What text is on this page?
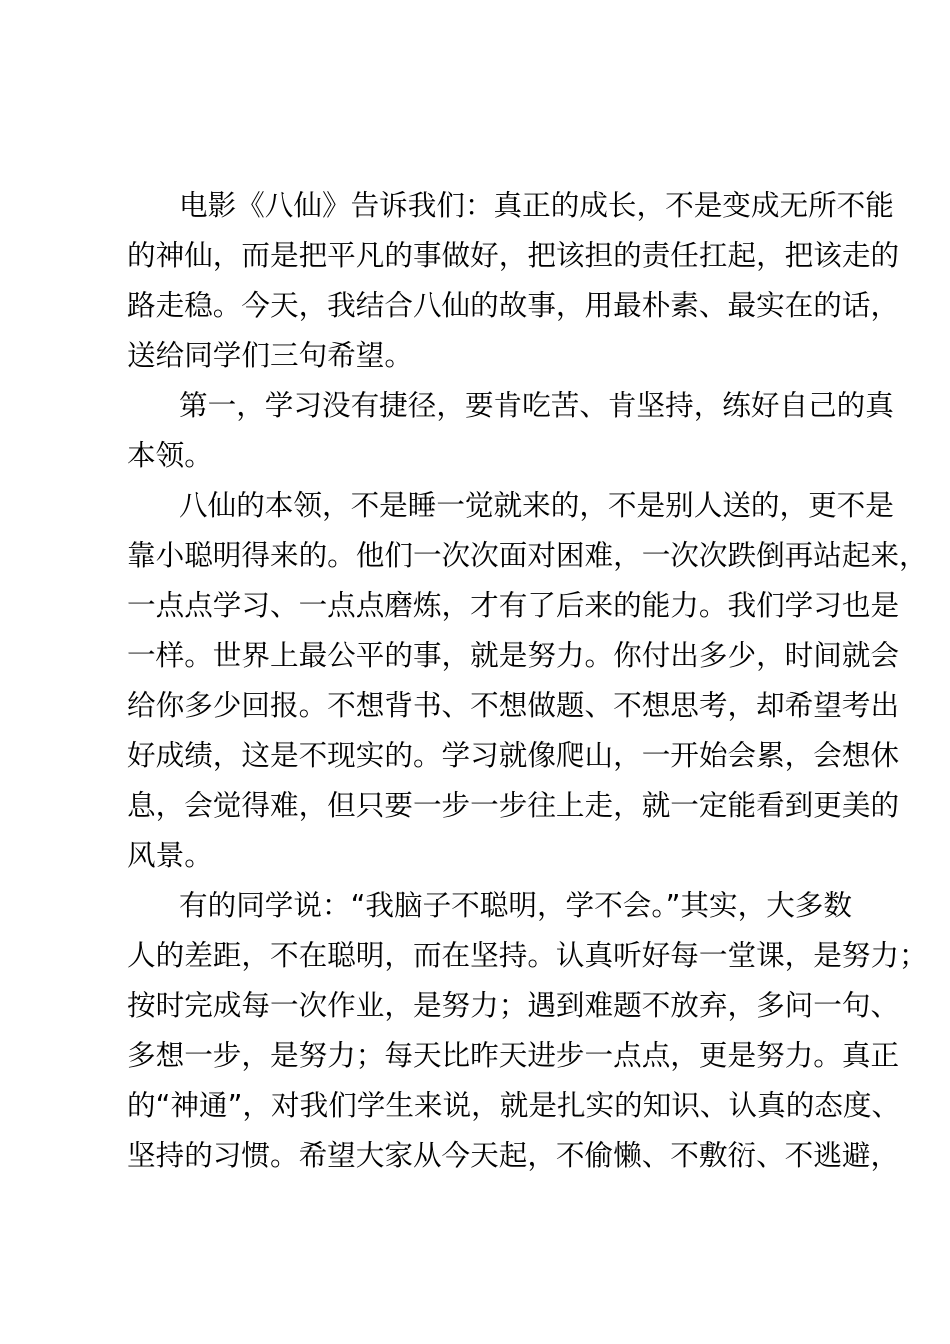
电影《八仙》告诉我们：真正的成长，不是变成无所不能
的神仙，而是把平凡的事做好，把该担的责任扛起，把该走的
路走稳。今天，我结合八仙的故事，用最朴素、最实在的话，
送给同学们三句希望。
第一，学习没有捷径，要肯吃苦、肯坚持，练好自己的真
本领。
八仙的本领，不是睡一觉就来的，不是别人送的，更不是
靠小聪明得来的。他们一次次面对困难，一次次跌倒再站起来，
一点点学习、一点点磨炼，才有了后来的能力。我们学习也是
一样。世界上最公平的事，就是努力。你付出多少，时间就会
给你多少回报。不想背书、不想做题、不想思考，却希望考出
好成绩，这是不现实的。学习就像爬山，一开始会累，会想休
息，会觉得难，但只要一步一步往上走，就一定能看到更美的
风景。
有的同学说：“我脑子不聪明，学不会。”其实，大多数
人的差距，不在聪明，而在坚持。认真听好每一堂课，是努力；
按时完成每一次作业，是努力；遇到难题不放弃，多问一句、
多想一步，是努力；每天比昨天进步一点点，更是努力。真正
的“神通”，对我们学生来说，就是扎实的知识、认真的态度、
坚持的习惯。希望大家从今天起，不偷懒、不敷衍、不逃避，
